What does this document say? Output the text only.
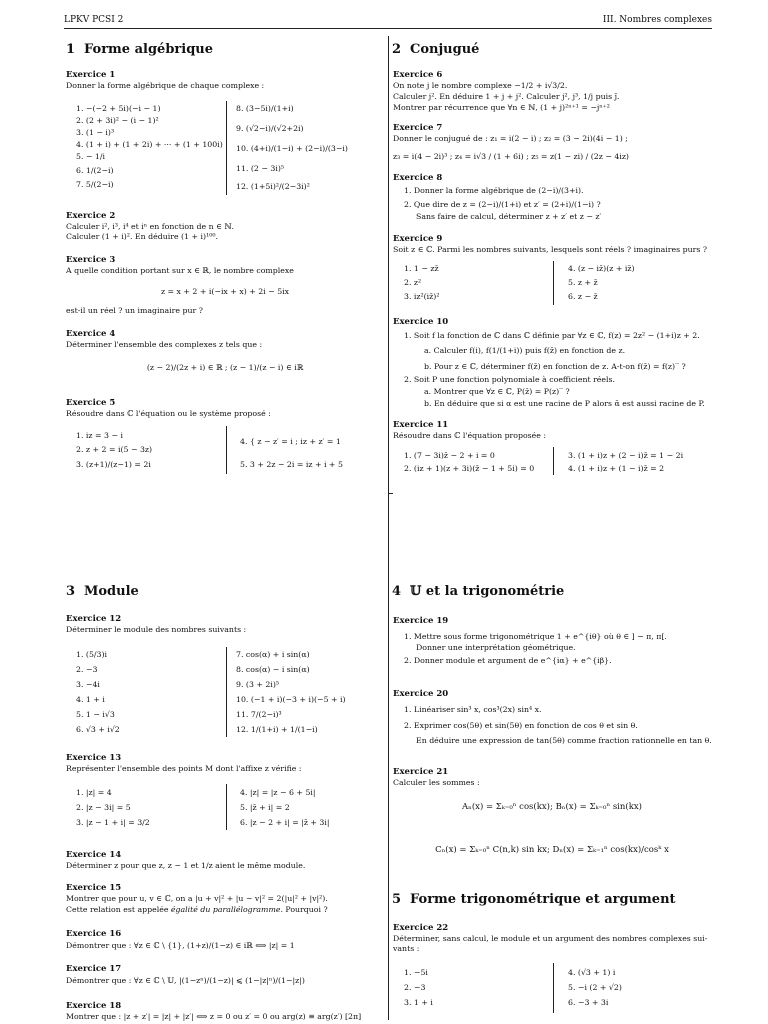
LPKV PCSI 2	III. Nombres complexes
1 Forme algébrique
Exercice 1
Donner la forme algébrique de chaque complexe :
1. −(−2 + 5i)(−i − 1)
2. (2 + 3i)² − (i − 1)²
3. (1 − i)³
4. (1 + i) + (1 + 2i) + ··· + (1 + 100i)
5. − 1/i
6. 1/(2−i)
7. 5/(2−i)
8. (3−5i)/(1+i)
9. (√2−i)/(√2+2i)
10. (4+i)/(1−i) + (2−i)/(3−i)
11. (2 − 3i)⁵
12. (1+5i)²/(2−3i)²
Exercice 2
Calculer i², i³, i⁴ et iⁿ en fonction de n ∈ ℕ.
Calculer (1 + i)². En déduire (1 + i)¹⁰⁰.
Exercice 3
A quelle condition portant sur x ∈ ℝ, le nombre complexe
z = x + 2 + i(−ix + x) + 2i − 5ix
est-il un réel ? un imaginaire pur ?
Exercice 4
Déterminer l'ensemble des complexes z tels que :
(z − 2)/(2z + i) ∈ ℝ ; (z − 1)/(z − i) ∈ iℝ
Exercice 5
Résoudre dans ℂ l'équation ou le système proposé :
1. iz = 3 − i
2. z + 2 = i(5 − 3z)
3. (z+1)/(z−1) = 2i
4. { z − z′ = i ; iz + z′ = 1
5. 3 + 2z − 2i = iz + i + 5
2 Conjugué
Exercice 6
On note j le nombre complexe −1/2 + i√3/2.
Calculer j². En déduire 1 + j + j². Calculer j², j³, 1/j puis j̄.
Montrer par récurrence que ∀n ∈ ℕ, (1 + j)²ⁿ⁺¹ = −jⁿ⁺²
Exercice 7
Donner le conjugué de : z₁ = i(2 − i) ; z₂ = (3 − 2i)(4i − 1) ;
z₃ = i(4 − 2i)³ ; z₄ = i√3 / (1 + 6i) ; z₅ = z(1 − zi) / (2z − 4iz)
Exercice 8
1. Donner la forme algébrique de (2−i)/(3+i).
2. Que dire de z = (2−i)/(1+i) et z′ = (2+i)/(1−i) ?
Sans faire de calcul, déterminer z + z′ et z − z′
Exercice 9
Soit z ∈ ℂ. Parmi les nombres suivants, lesquels sont réels ? imaginaires purs ?
1. 1 − zz̄
2. z²
3. iz²(iz̄)²
4. (z − iz̄)(z + iz̄)
5. z + z̄
6. z − z̄
Exercice 10
1. Soit f la fonction de ℂ dans ℂ définie par ∀z ∈ ℂ, f(z) = 2z² − (1+i)z + 2.
a. Calculer f(i), f(1/(1+i)) puis f(z̄) en fonction de z.
b. Pour z ∈ ℂ, déterminer f(z̄) en fonction de z. A-t-on f(z̄) = f(z)‾ ?
2. Soit P une fonction polynomiale à coefficient réels.
a. Montrer que ∀z ∈ ℂ, P(z̄) = P(z)‾ ?
b. En déduire que si α est une racine de P alors ᾱ est aussi racine de P.
Exercice 11
Résoudre dans ℂ l'équation proposée :
1. (7 − 3i)z̄ − 2 + i = 0
2. (iz + 1)(z + 3i)(z̄ − 1 + 5i) = 0
3. (1 + i)z + (2 − i)z̄ = 1 − 2i
4. (1 + i)z + (1 − i)z̄ = 2
3 Module
Exercice 12
Déterminer le module des nombres suivants :
1. (5/3)i
2. −3
3. −4i
4. 1 + i
5. 1 − i√3
6. √3 + i√2
7. cos(α) + i sin(α)
8. cos(α) − i sin(α)
9. (3 + 2i)⁵
10. (−1 + i)(−3 + i)(−5 + i)
11. 7/(2−i)³
12. 1/(1+i) + 1/(1−i)
Exercice 13
Représenter l'ensemble des points M dont l'affixe z vérifie :
1. |z| = 4
2. |z − 3i| = 5
3. |z − 1 + i| = 3/2
4. |z| = |z − 6 + 5i|
5. |z̄ + i| = 2
6. |z − 2 + i| = |z̄ + 3i|
Exercice 14
Déterminer z pour que z, z − 1 et 1/z aient le même module.
Exercice 15
Montrer que pour u, v ∈ ℂ, on a |u + v|² + |u − v|² = 2(|u|² + |v|²).
Cette relation est appelée égalité du parallélogramme. Pourquoi ?
Exercice 16
Démontrer que : ∀z ∈ ℂ \ {1}, (1+z)/(1−z) ∈ iℝ ⟺ |z| = 1
Exercice 17
Démontrer que : ∀z ∈ ℂ \ 𝕌, |(1−zⁿ)/(1−z)| ⩽ (1−|z|ⁿ)/(1−|z|)
Exercice 18
Montrer que : |z + z′| = |z| + |z′| ⟺ z = 0 ou z′ = 0 ou arg(z) ≡ arg(z′) [2π]
4 𝕌 et la trigonométrie
Exercice 19
1. Mettre sous forme trigonométrique 1 + e^{iθ} où θ ∈ ] − π, π[.
Donner une interprétation géométrique.
2. Donner module et argument de e^{iα} + e^{iβ}.
Exercice 20
1. Linéariser sin³ x, cos³(2x) sin⁴ x.
2. Exprimer cos(5θ) et sin(5θ) en fonction de cos θ et sin θ.
En déduire une expression de tan(5θ) comme fraction rationnelle en tan θ.
Exercice 21
Calculer les sommes :
Aₙ(x) = Σₖ₌₀ⁿ cos(kx); Bₙ(x) = Σₖ₌₀ⁿ sin(kx)
Cₙ(x) = Σₖ₌₀ⁿ C(n,k) sin kx; Dₙ(x) = Σₖ₌₁ⁿ cos(kx)/cosᵏ x
5 Forme trigonométrique et argument
Exercice 22
Déterminer, sans calcul, le module et un argument des nombres complexes sui-
vants :
1. −5i
2. −3
3. 1 + i
4. (√3 + 1) i
5. −i (2 + √2)
6. −3 + 3i
